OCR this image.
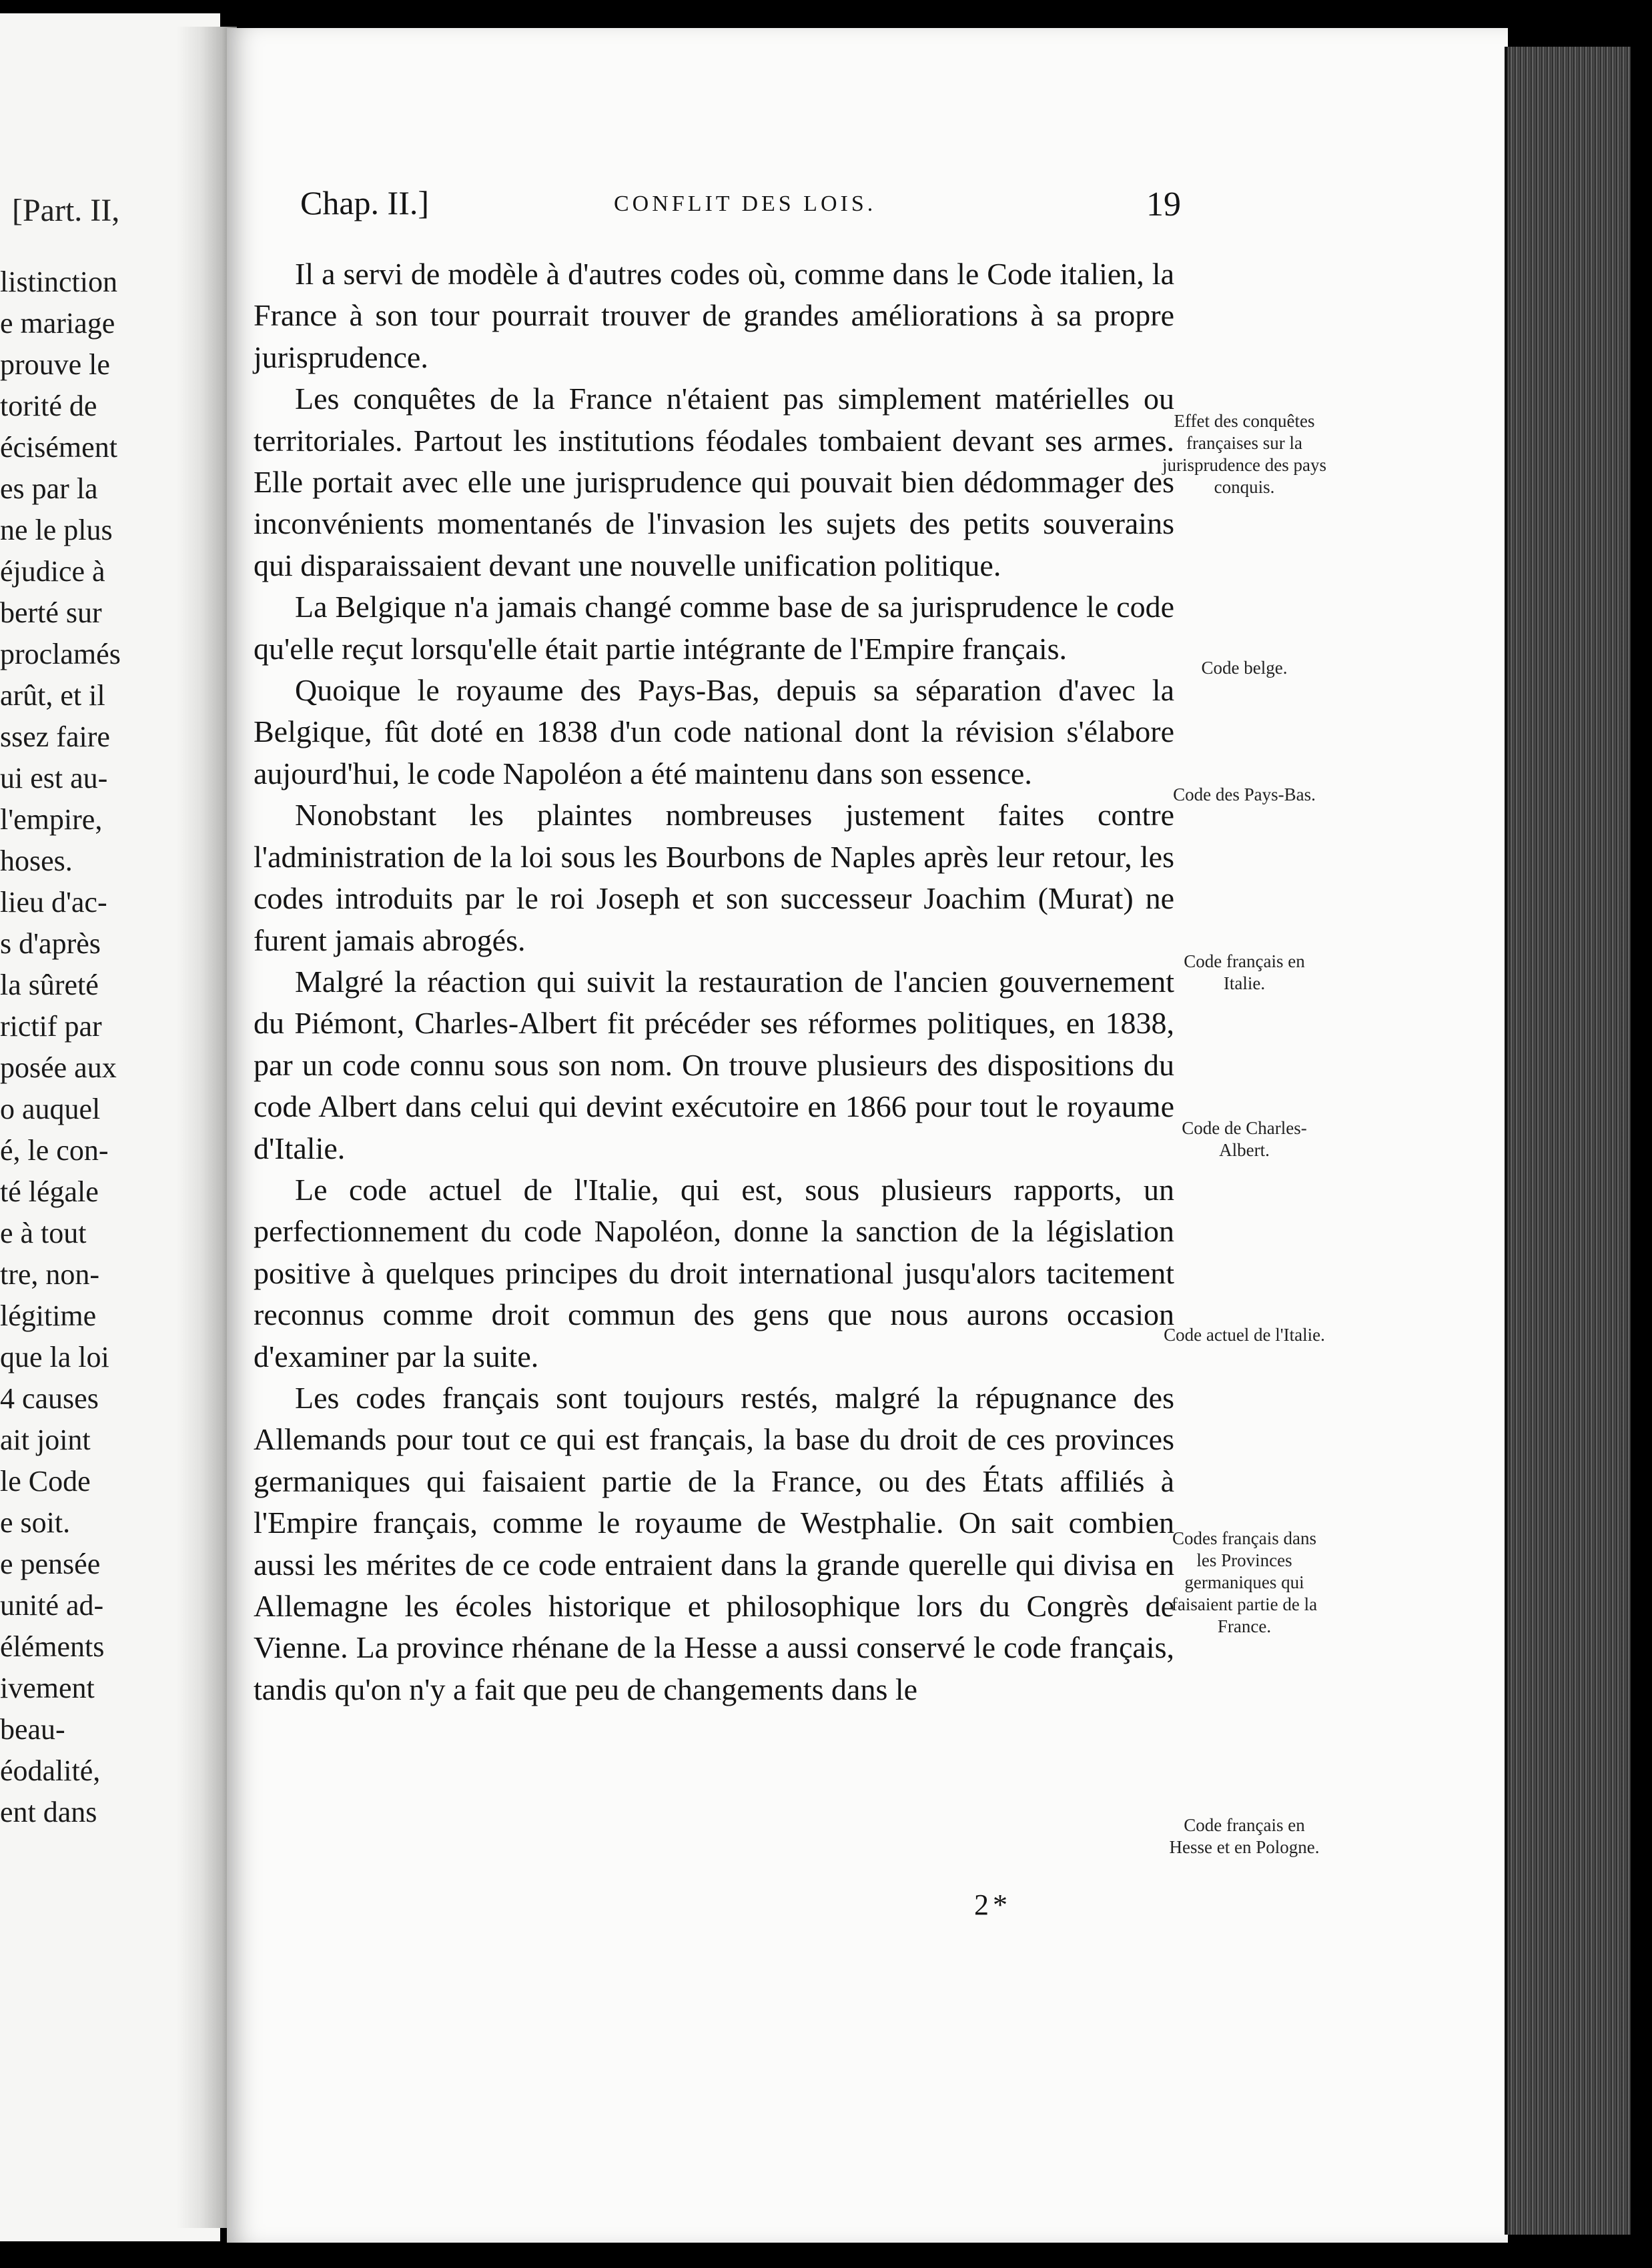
[Part. II,
listinction
e mariage
prouve le
torité de
écisément
es par la
ne le plus
éjudice à
berté sur
proclamés
arût, et il
ssez faire
ui est au-
l'empire,
hoses.
lieu d'ac-
s d'après
la sûreté
rictif par
posée aux
o auquel
é, le con-
té légale
e à tout
tre, non-
légitime
que la loi
4 causes
ait joint
le Code
e soit.
e pensée
unité ad-
éléments
ivement
beau-
éodalité,
ent dans
Chap. II.]	CONFLIT DES LOIS.	19

Il a servi de modèle à d'autres codes où, comme dans le Code italien, la France à son tour pourrait trouver de grandes améliorations à sa propre jurisprudence.

Les conquêtes de la France n'étaient pas simplement matérielles ou territoriales. Partout les institutions féodales tombaient devant ses armes. Elle portait avec elle une jurisprudence qui pouvait bien dédommager des inconvénients momentanés de l'invasion les sujets des petits souverains qui disparaissaient devant une nouvelle unification politique.

La Belgique n'a jamais changé comme base de sa jurisprudence le code qu'elle reçut lorsqu'elle était partie intégrante de l'Empire français.

Quoique le royaume des Pays-Bas, depuis sa séparation d'avec la Belgique, fût doté en 1838 d'un code national dont la révision s'élabore aujourd'hui, le code Napoléon a été maintenu dans son essence.

Nonobstant les plaintes nombreuses justement faites contre l'administration de la loi sous les Bourbons de Naples après leur retour, les codes introduits par le roi Joseph et son successeur Joachim (Murat) ne furent jamais abrogés.

Malgré la réaction qui suivit la restauration de l'ancien gouvernement du Piémont, Charles-Albert fit précéder ses réformes politiques, en 1838, par un code connu sous son nom. On trouve plusieurs des dispositions du code Albert dans celui qui devint exécutoire en 1866 pour tout le royaume d'Italie.

Le code actuel de l'Italie, qui est, sous plusieurs rapports, un perfectionnement du code Napoléon, donne la sanction de la législation positive à quelques principes du droit international jusqu'alors tacitement reconnus comme droit commun des gens que nous aurons occasion d'examiner par la suite.

Les codes français sont toujours restés, malgré la répugnance des Allemands pour tout ce qui est français, la base du droit de ces provinces germaniques qui faisaient partie de la France, ou des États affiliés à l'Empire français, comme le royaume de Westphalie. On sait combien aussi les mérites de ce code entraient dans la grande querelle qui divisa en Allemagne les écoles historique et philosophique lors du Congrès de Vienne. La province rhénane de la Hesse a aussi conservé le code français, tandis qu'on n'y a fait que peu de changements dans le

Effet des conquêtes françaises sur la jurisprudence des pays conquis.
Code belge.
Code des Pays-Bas.
Code français en Italie.
Code de Charles-Albert.
Code actuel de l'Italie.
Codes français dans les Provinces germaniques qui faisaient partie de la France.
Code français en Hesse et en Pologne.
2*
